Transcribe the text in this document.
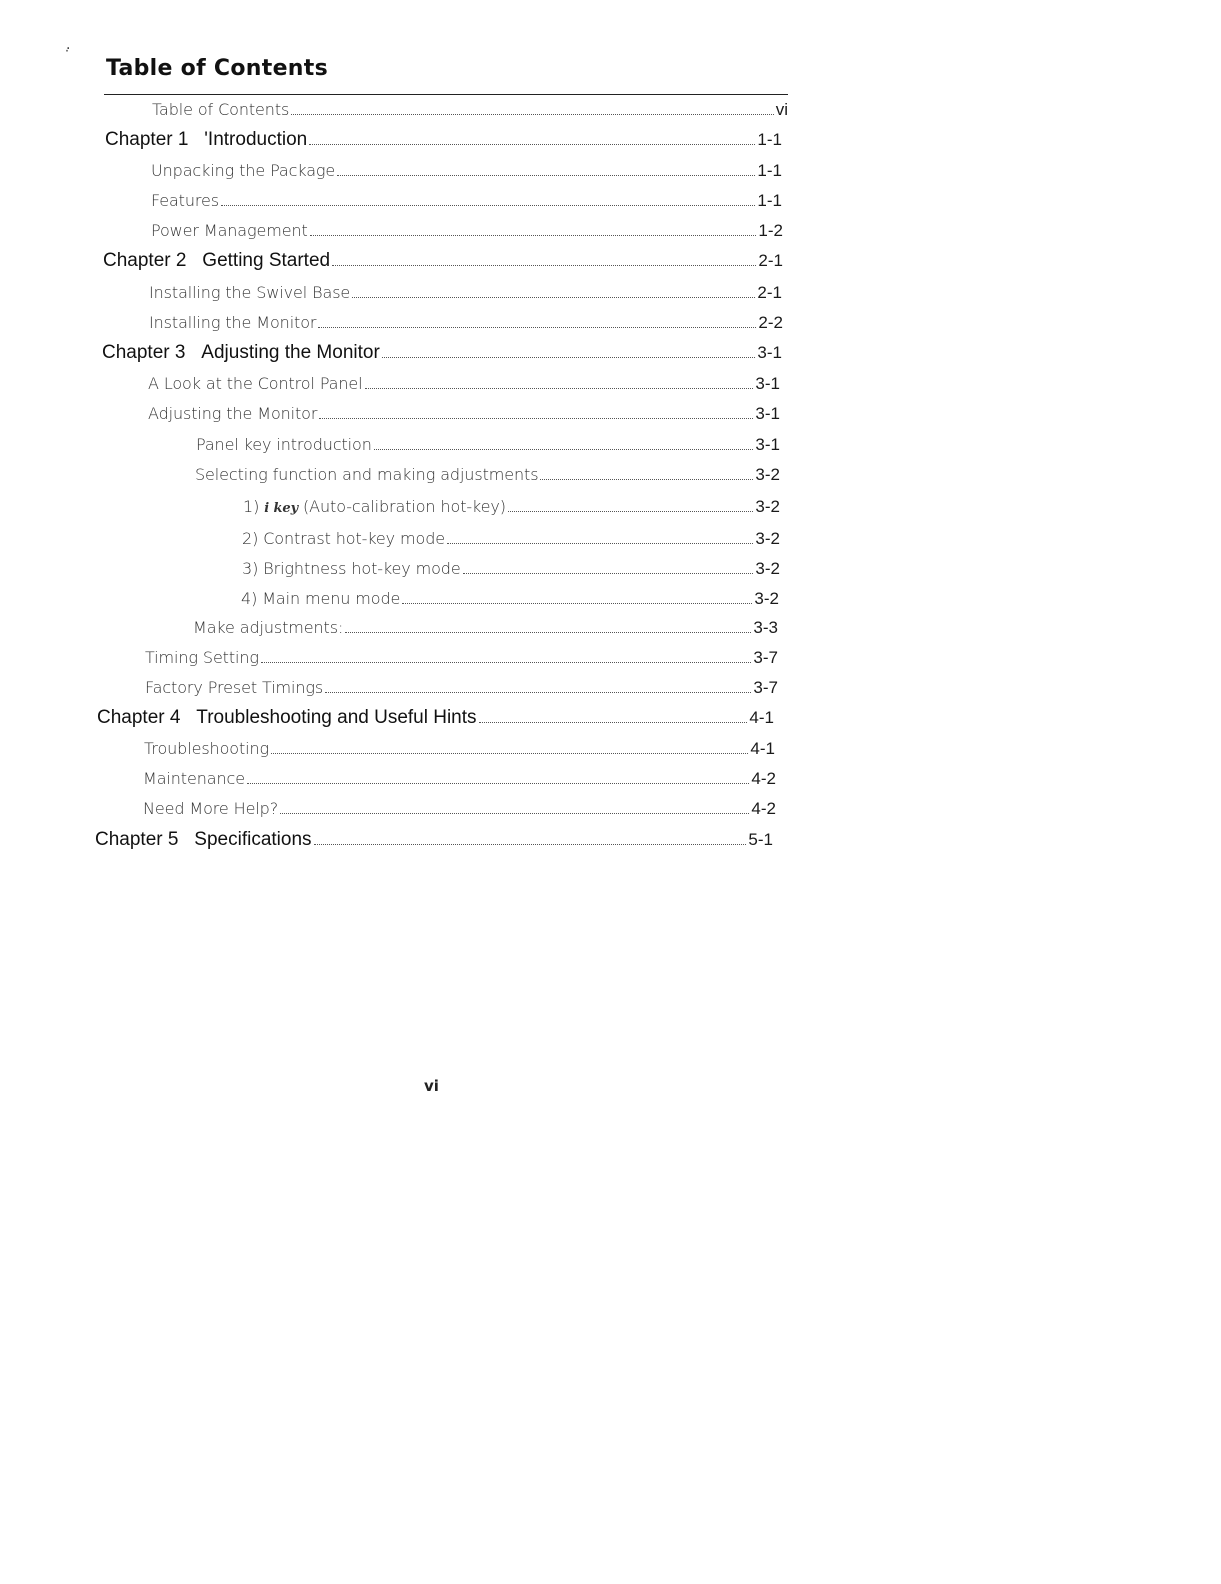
.̣
Table of Contents
Table of Contents	vi
Chapter 1 'Introduction	1-1
Unpacking the Package	1-1
Features	1-1
Power Management	1-2
Chapter 2 Getting Started	2-1
Installing the Swivel Base	2-1
Installing the Monitor	2-2
Chapter 3 Adjusting the Monitor	3-1
A Look at the Control Panel	3-1
Adjusting the Monitor	3-1
Panel key introduction	3-1
Selecting function and making adjustments	3-2
1) i key (Auto-calibration hot-key)	3-2
2) Contrast hot-key mode	3-2
3) Brightness hot-key mode	3-2
4) Main menu mode	3-2
Make adjustments:	3-3
Timing Setting	3-7
Factory Preset Timings	3-7
Chapter 4 Troubleshooting and Useful Hints	4-1
Troubleshooting	4-1
Maintenance	4-2
Need More Help?	4-2
Chapter 5 Specifications	5-1
vi
